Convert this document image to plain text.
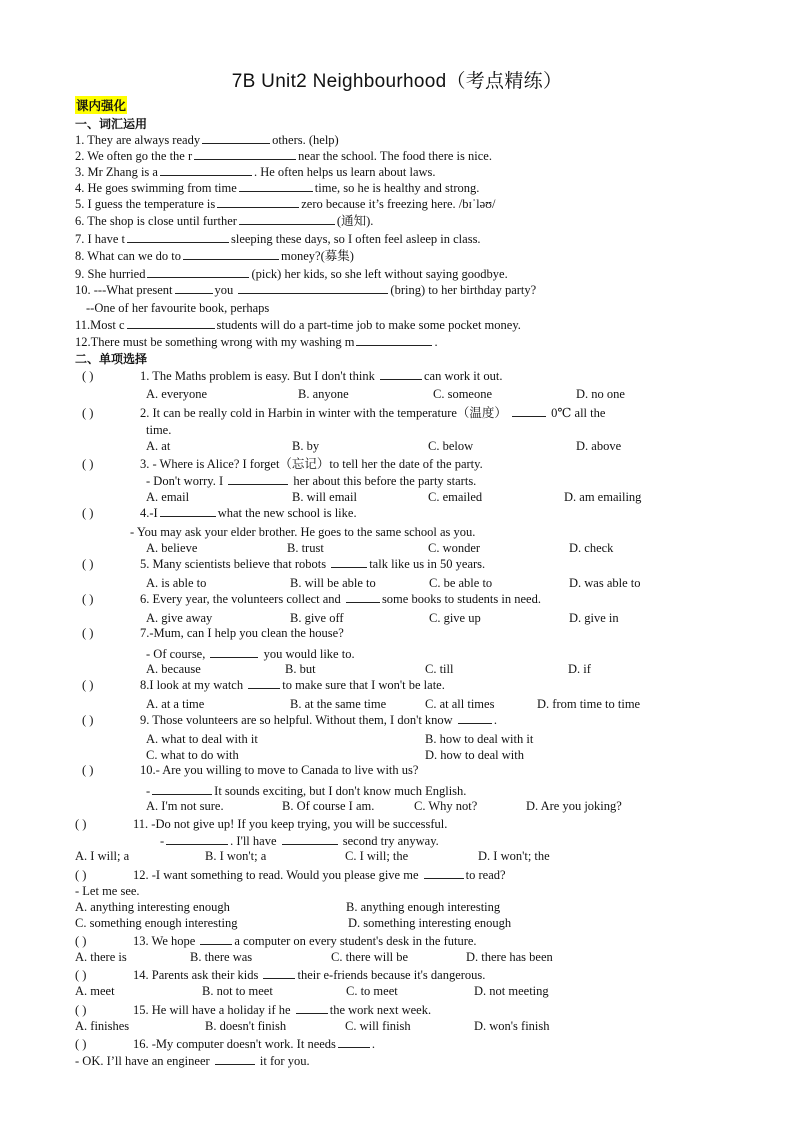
7B Unit2 Neighbourhood（考点精练）
课内强化
一、词汇运用
1. They are always ready	others. (help)
2. We often go the the r	near the school. The food there is nice.
3. Mr Zhang is a	. He often helps us learn about laws.
4. He goes swimming from time	time, so he is healthy and strong.
5. I guess the temperature is	zero because it’s freezing here. /bɪˈləʊ/
6. The shop is close until further	(通知).
7. I have t	sleeping these days, so I often feel asleep in class.
8. What can we do to	money?(募集)
9. She hurried	(pick) her kids, so she left without saying goodbye.
10. ---What present	you	(bring) to her birthday party?
--One of her favourite book, perhaps
11.Most c	students will do a part-time job to make some pocket money.
12.There must be something wrong with my washing m	.
二、单项选择
( )	1. The Maths problem is easy. But I don't think	can work it out.
A. everyone	B. anyone	C. someone	D. no one
( )	2. It can be really cold in Harbin in winter with the temperature（温度）	0℃ all the
time.
A. at	B. by	C. below	D. above
( )	3. - Where is Alice? I forget（忘记）to tell her the date of the party.
- Don't worry. I	her about this before the party starts.
A. email	B. will email	C. emailed	D. am emailing
( )	4.-I	what the new school is like.
- You may ask your elder brother. He goes to the same school as you.
A. believe	B. trust	C. wonder	D. check
( )	5. Many scientists believe that robots	talk like us in 50 years.
A. is able to	B. will be able to	C. be able to	D. was able to
( )	6. Every year, the volunteers collect and	some books to students in need.
A. give away	B. give off	C. give up	D. give in
( )	7.-Mum, can I help you clean the house?
- Of course,	you would like to.
A. because	B. but	C. till	D. if
( )	8.I look at my watch	to make sure that I won't be late.
A. at a time	B. at the same time	C. at all times	D. from time to time
( )	9. Those volunteers are so helpful. Without them, I don't know	.
A. what to deal with it	B. how to deal with it
C. what to do with	D. how to deal with
( )	10.- Are you willing to move to Canada to live with us?
-	It sounds exciting, but I don't know much English.
A. I'm not sure.	B. Of course I am.	C. Why not?	D. Are you joking?
( )	11. -Do not give up! If you keep trying, you will be successful.
-	. I'll have	second try anyway.
A. I will; a	B. I won't; a	C. I will; the	D. I won't; the
( )	12. -I want something to read. Would you please give me	to read?
- Let me see.
A. anything interesting enough	B. anything enough interesting
C. something enough interesting	D. something interesting enough
( )	13. We hope	a computer on every student's desk in the future.
A. there is	B. there was	C. there will be	D. there has been
( )	14. Parents ask their kids	their e-friends because it's dangerous.
A. meet	B. not to meet	C. to meet	D. not meeting
( )	15. He will have a holiday if he	the work next week.
A. finishes	B. doesn't finish	C. will finish	D. won's finish
( )	16. -My computer doesn't work. It needs	.
- OK. I’ll have an engineer	it for you.
